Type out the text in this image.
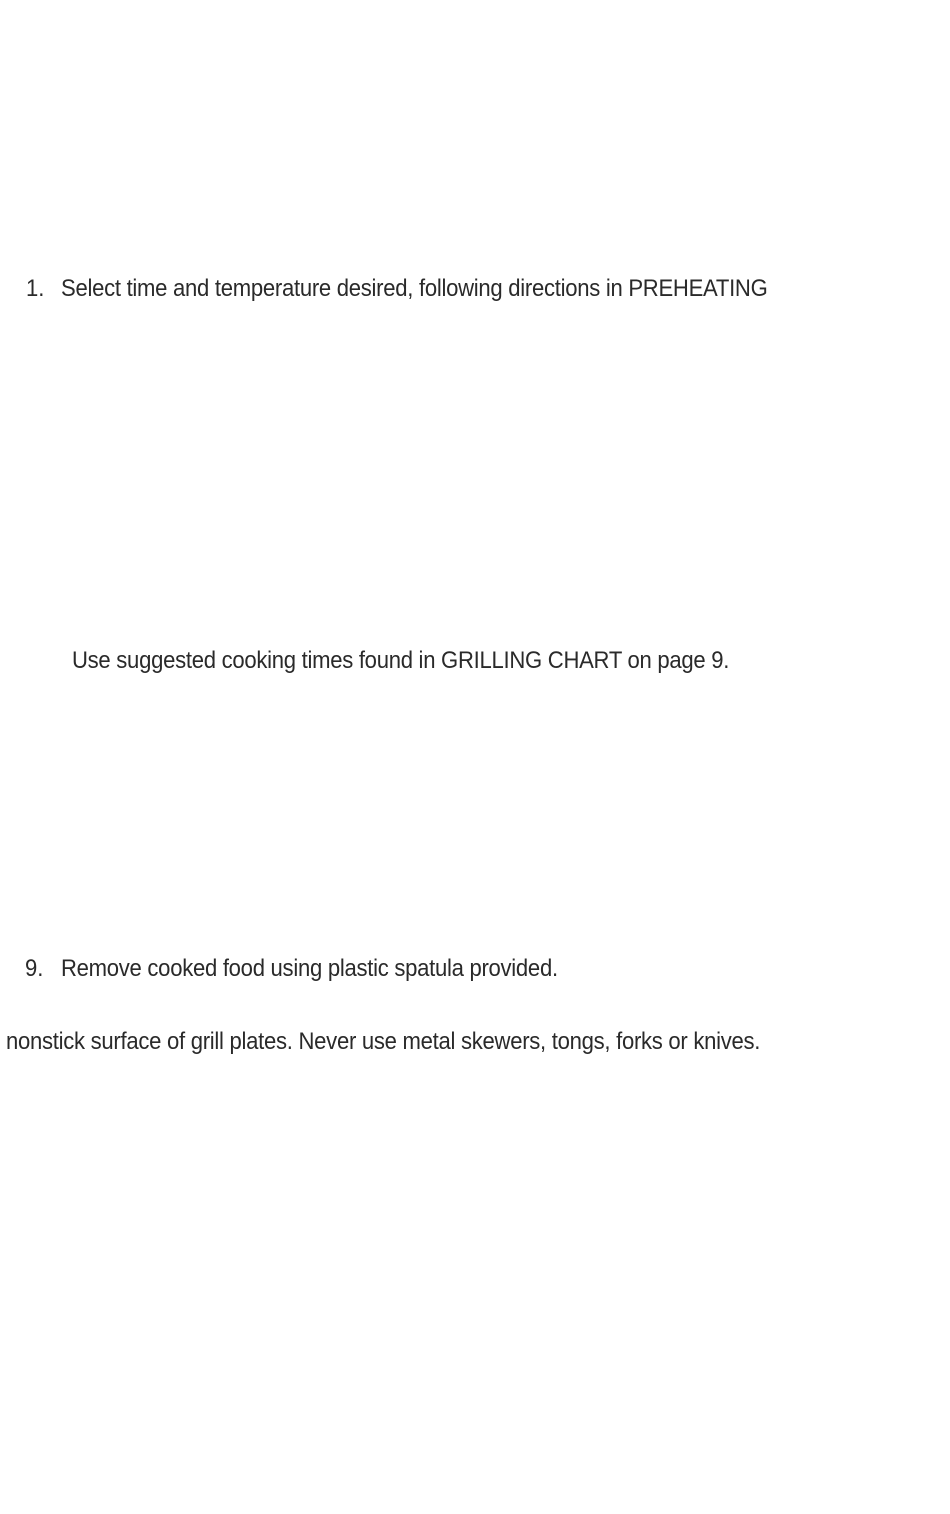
1. Select time and temperature desired, following directions in PREHEATING
Use suggested cooking times found in GRILLING CHART on page 9.
9. Remove cooked food using plastic spatula provided.
nonstick surface of grill plates. Never use metal skewers, tongs, forks or knives.
